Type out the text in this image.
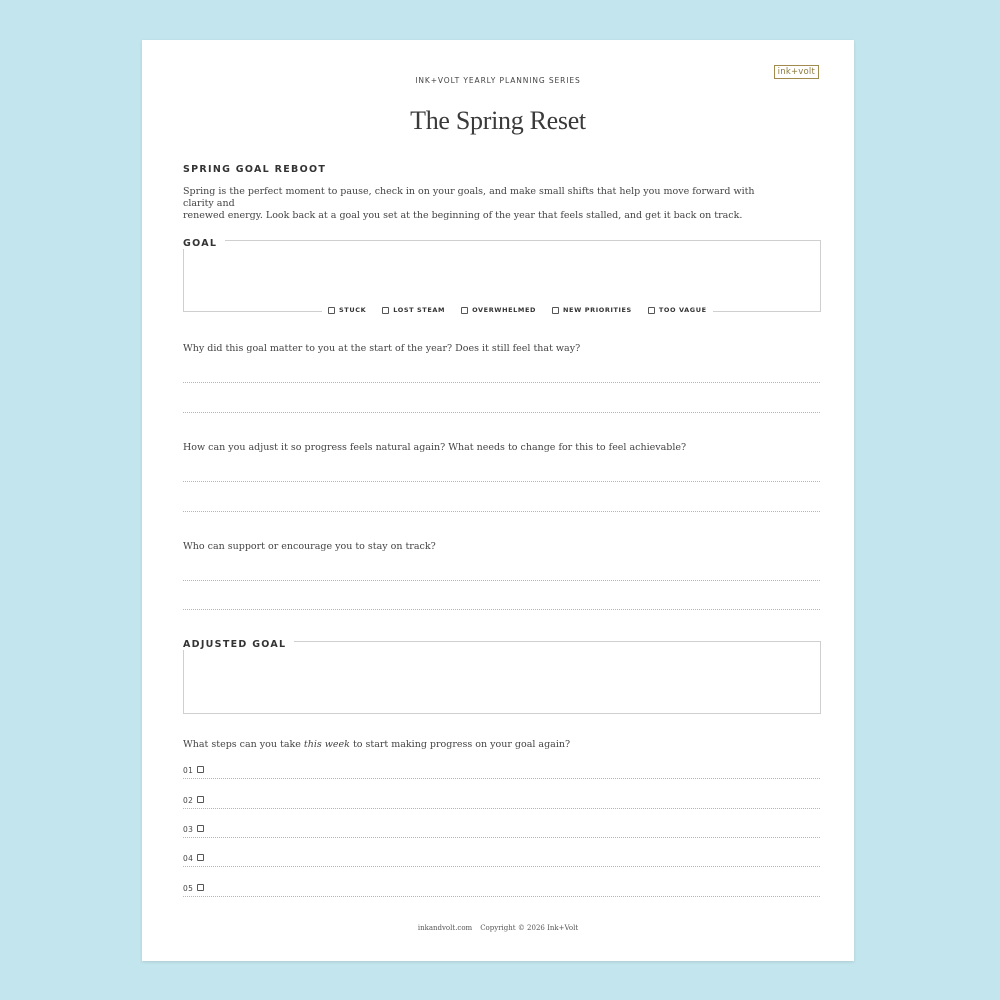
INK+VOLT YEARLY PLANNING SERIES
ink+volt
The Spring Reset
SPRING GOAL REBOOT
Spring is the perfect moment to pause, check in on your goals, and make small shifts that help you move forward with clarity and
renewed energy. Look back at a goal you set at the beginning of the year that feels stalled, and get it back on track.
GOAL
STUCK	LOST STEAM	OVERWHELMED	NEW PRIORITIES	TOO VAGUE
Why did this goal matter to you at the start of the year? Does it still feel that way?
How can you adjust it so progress feels natural again? What needs to change for this to feel achievable?
Who can support or encourage you to stay on track?
ADJUSTED GOAL
What steps can you take this week to start making progress on your goal again?
01
02
03
04
05
inkandvolt.com Copyright © 2026 Ink+Volt
